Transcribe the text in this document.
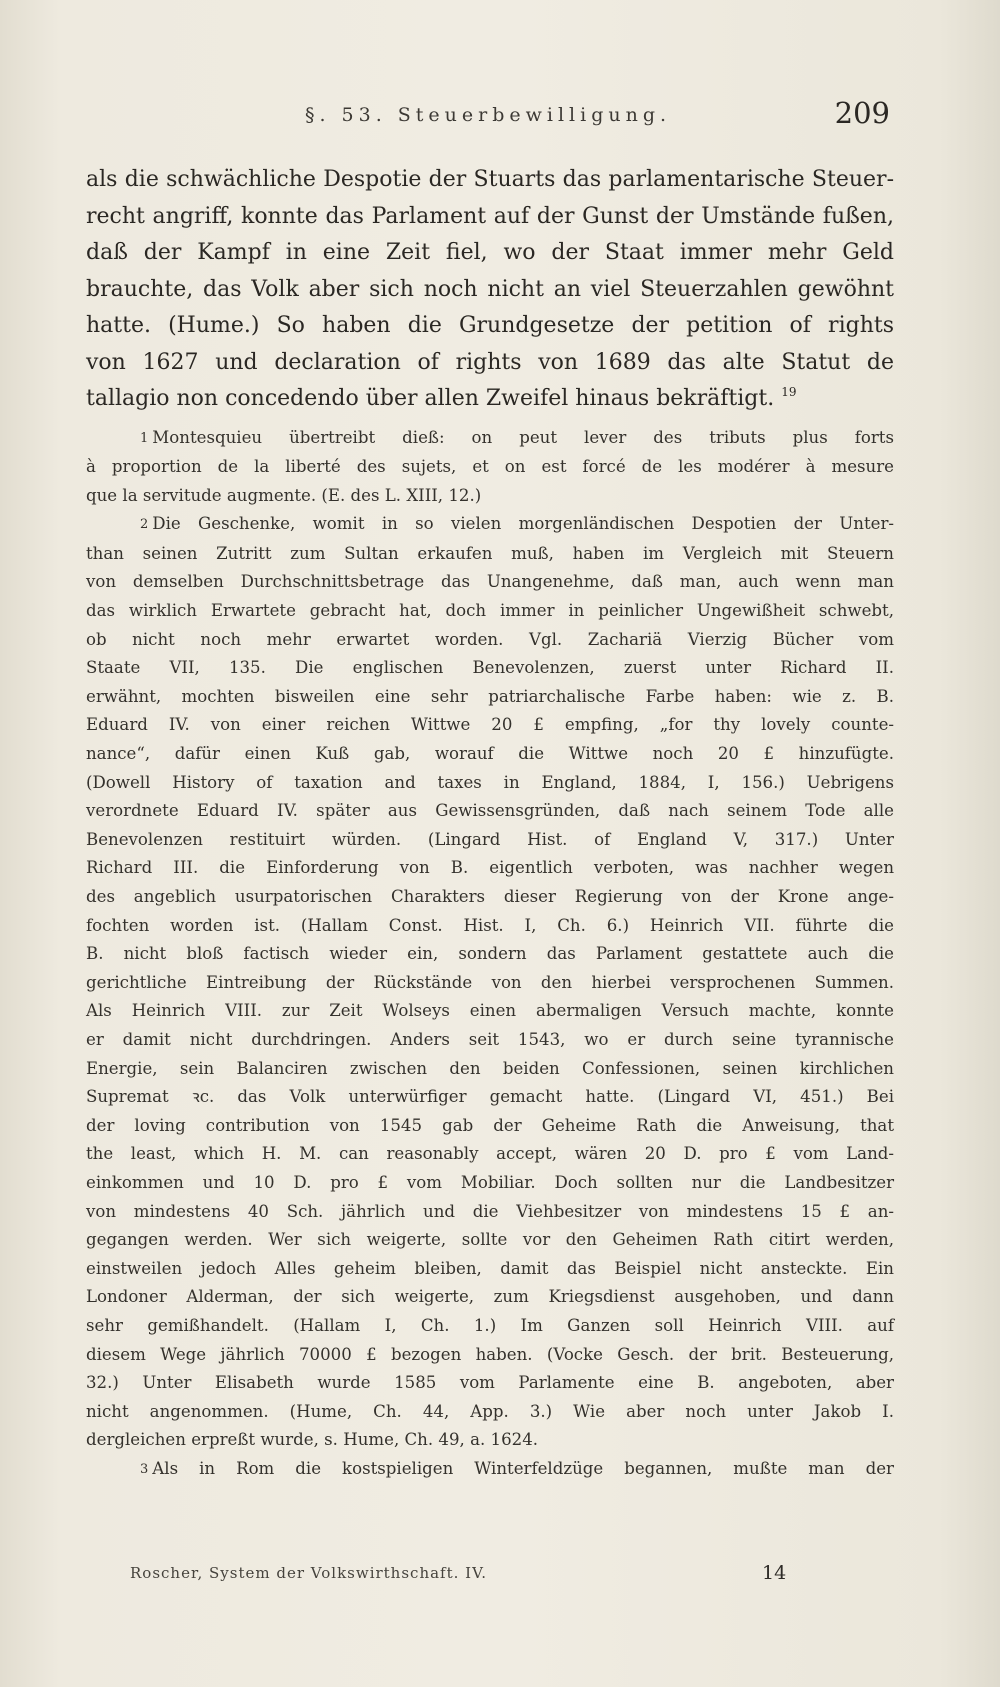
§. 53. Steuerbewilligung.	209
als die schwächliche Despotie der Stuarts das parlamentarische Steuer-
recht angriff, konnte das Parlament auf der Gunst der Umstände fußen,
daß der Kampf in eine Zeit fiel, wo der Staat immer mehr Geld
brauchte, das Volk aber sich noch nicht an viel Steuerzahlen gewöhnt
hatte. (Hume.) So haben die Grundgesetze der petition of rights
von 1627 und declaration of rights von 1689 das alte Statut de
tallagio non concedendo über allen Zweifel hinaus bekräftigt. $^{19}$
1 Montesquieu übertreibt dieß: on peut lever des tributs plus forts
à proportion de la liberté des sujets, et on est forcé de les modérer à mesure
que la servitude augmente. (E. des L. XIII, 12.)
2 Die Geschenke, womit in so vielen morgenländischen Despotien der Unter-
than seinen Zutritt zum Sultan erkaufen muß, haben im Vergleich mit Steuern
von demselben Durchschnittsbetrage das Unangenehme, daß man, auch wenn man
das wirklich Erwartete gebracht hat, doch immer in peinlicher Ungewißheit schwebt,
ob nicht noch mehr erwartet worden. Vgl. Zachariä Vierzig Bücher vom
Staate VII, 135. Die englischen Benevolenzen, zuerst unter Richard II.
erwähnt, mochten bisweilen eine sehr patriarchalische Farbe haben: wie z. B.
Eduard IV. von einer reichen Wittwe 20 £ empfing, „for thy lovely counte-
nance“, dafür einen Kuß gab, worauf die Wittwe noch 20 £ hinzufügte.
(Dowell History of taxation and taxes in England, 1884, I, 156.) Uebrigens
verordnete Eduard IV. später aus Gewissensgründen, daß nach seinem Tode alle
Benevolenzen restituirt würden. (Lingard Hist. of England V, 317.) Unter
Richard III. die Einforderung von B. eigentlich verboten, was nachher wegen
des angeblich usurpatorischen Charakters dieser Regierung von der Krone ange-
fochten worden ist. (Hallam Const. Hist. I, Ch. 6.) Heinrich VII. führte die
B. nicht bloß factisch wieder ein, sondern das Parlament gestattete auch die
gerichtliche Eintreibung der Rückstände von den hierbei versprochenen Summen.
Als Heinrich VIII. zur Zeit Wolseys einen abermaligen Versuch machte, konnte
er damit nicht durchdringen. Anders seit 1543, wo er durch seine tyrannische
Energie, sein Balanciren zwischen den beiden Confessionen, seinen kirchlichen
Supremat ꝛc. das Volk unterwürfiger gemacht hatte. (Lingard VI, 451.) Bei
der loving contribution von 1545 gab der Geheime Rath die Anweisung, that
the least, which H. M. can reasonably accept, wären 20 D. pro £ vom Land-
einkommen und 10 D. pro £ vom Mobiliar. Doch sollten nur die Landbesitzer
von mindestens 40 Sch. jährlich und die Viehbesitzer von mindestens 15 £ an-
gegangen werden. Wer sich weigerte, sollte vor den Geheimen Rath citirt werden,
einstweilen jedoch Alles geheim bleiben, damit das Beispiel nicht ansteckte. Ein
Londoner Alderman, der sich weigerte, zum Kriegsdienst ausgehoben, und dann
sehr gemißhandelt. (Hallam I, Ch. 1.) Im Ganzen soll Heinrich VIII. auf
diesem Wege jährlich 70000 £ bezogen haben. (Vocke Gesch. der brit. Besteuerung,
32.) Unter Elisabeth wurde 1585 vom Parlamente eine B. angeboten, aber
nicht angenommen. (Hume, Ch. 44, App. 3.) Wie aber noch unter Jakob I.
dergleichen erpreßt wurde, s. Hume, Ch. 49, a. 1624.
3 Als in Rom die kostspieligen Winterfeldzüge begannen, mußte man der
Roscher, System der Volkswirthschaft. IV.	14
